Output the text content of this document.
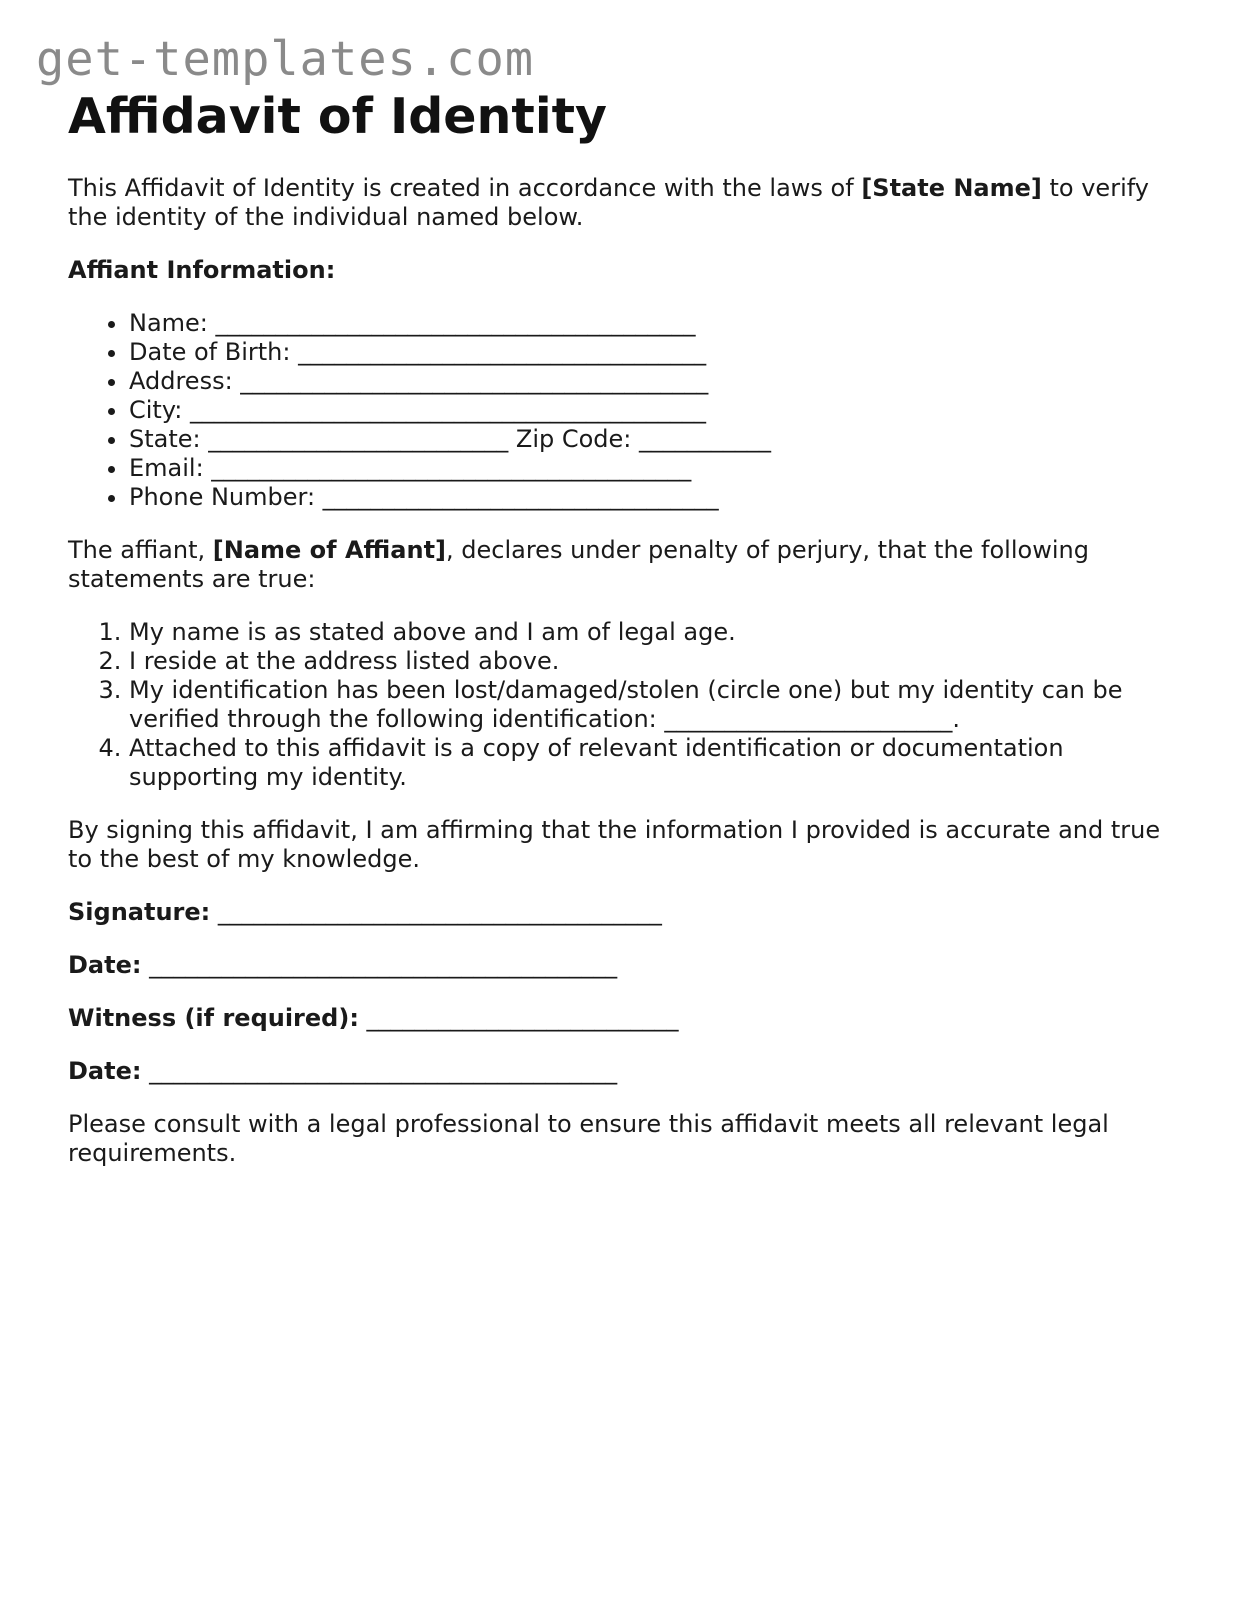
get-templates.com
Affidavit of Identity

This Affidavit of Identity is created in accordance with the laws of [State Name] to verify the identity of the individual named below.

Affiant Information:

• Name: ________________________________________
• Date of Birth: __________________________________
• Address: _______________________________________
• City: ___________________________________________
• State: _________________________ Zip Code: ___________
• Email: ________________________________________
• Phone Number: _________________________________

The affiant, [Name of Affiant], declares under penalty of perjury, that the following statements are true:

1. My name is as stated above and I am of legal age.
2. I reside at the address listed above.
3. My identification has been lost/damaged/stolen (circle one) but my identity can be verified through the following identification: ________________________.
4. Attached to this affidavit is a copy of relevant identification or documentation supporting my identity.

By signing this affidavit, I am affirming that the information I provided is accurate and true to the best of my knowledge.

Signature: _____________________________________

Date: _______________________________________

Witness (if required): __________________________

Date: _______________________________________

Please consult with a legal professional to ensure this affidavit meets all relevant legal requirements.
